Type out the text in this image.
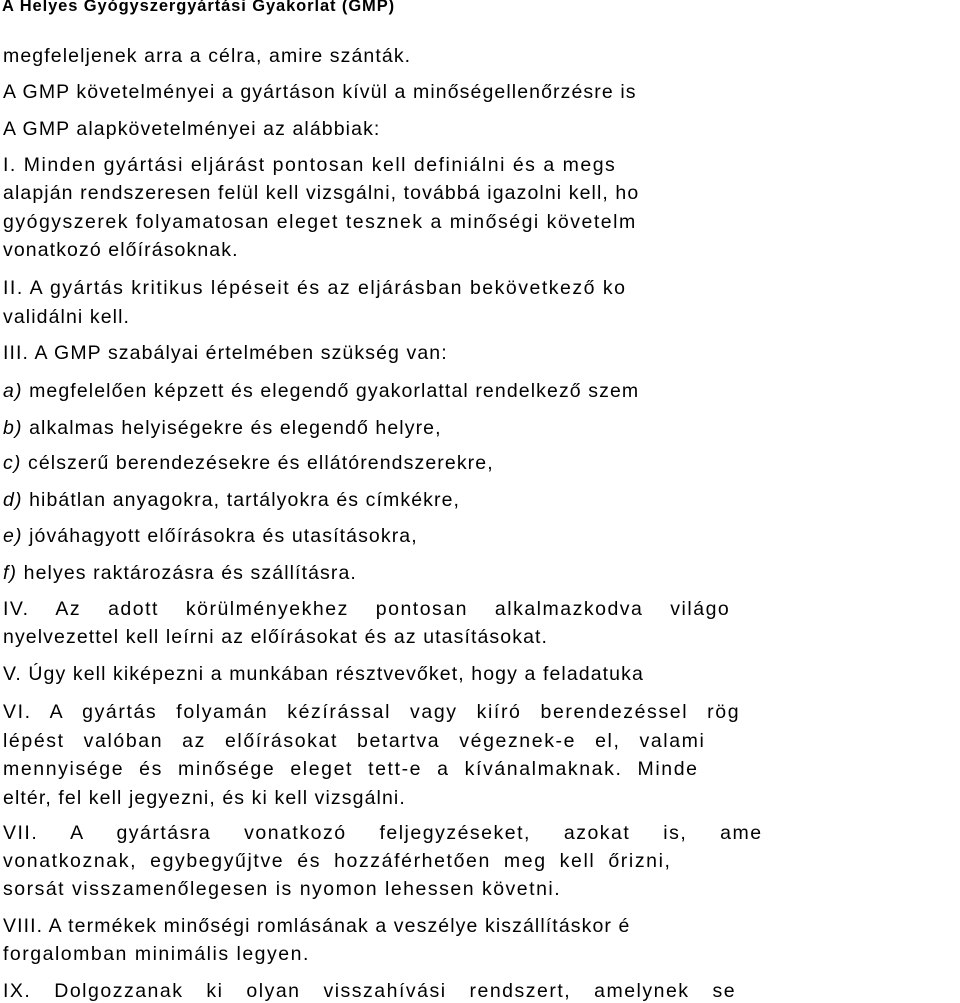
A Helyes Gyógyszergyártási Gyakorlat (GMP)
megfeleljenek arra a célra, amire szánták.
A GMP követelményei a gyártáson kívül a minőségellenőrzésre is
A GMP alapkövetelményei az alábbiak:
I. Minden gyártási eljárást pontosan kell definiálni és a megs
alapján rendszeresen felül kell vizsgálni, továbbá igazolni kell, ho
gyógyszerek folyamatosan eleget tesznek a minőségi követelm
vonatkozó előírásoknak.
II. A gyártás kritikus lépéseit és az eljárásban bekövetkező ko
validálni kell.
III. A GMP szabályai értelmében szükség van:
a) megfelelően képzett és elegendő gyakorlattal rendelkező szem
b) alkalmas helyiségekre és elegendő helyre,
c) célszerű berendezésekre és ellátórendszerekre,
d) hibátlan anyagokra, tartályokra és címkékre,
e) jóváhagyott előírásokra és utasításokra,
f) helyes raktározásra és szállításra.
IV. Az adott körülményekhez pontosan alkalmazkodva világo
nyelvezettel kell leírni az előírásokat és az utasításokat.
V. Úgy kell kiképezni a munkában résztvevőket, hogy a feladatuka
VI. A gyártás folyamán kézírással vagy kiíró berendezéssel rög
lépést valóban az előírásokat betartva végeznek-e el, valami
mennyisége és minősége eleget tett-e a kívánalmaknak. Minde
eltér, fel kell jegyezni, és ki kell vizsgálni.
VII. A gyártásra vonatkozó feljegyzéseket, azokat is, ame
vonatkoznak, egybegyűjtve és hozzáférhetően meg kell őrizni,
sorsát visszamenőlegesen is nyomon lehessen követni.
VIII. A termékek minőségi romlásának a veszélye kiszállításkor é
forgalomban minimális legyen.
IX. Dolgozzanak ki olyan visszahívási rendszert, amelynek se
